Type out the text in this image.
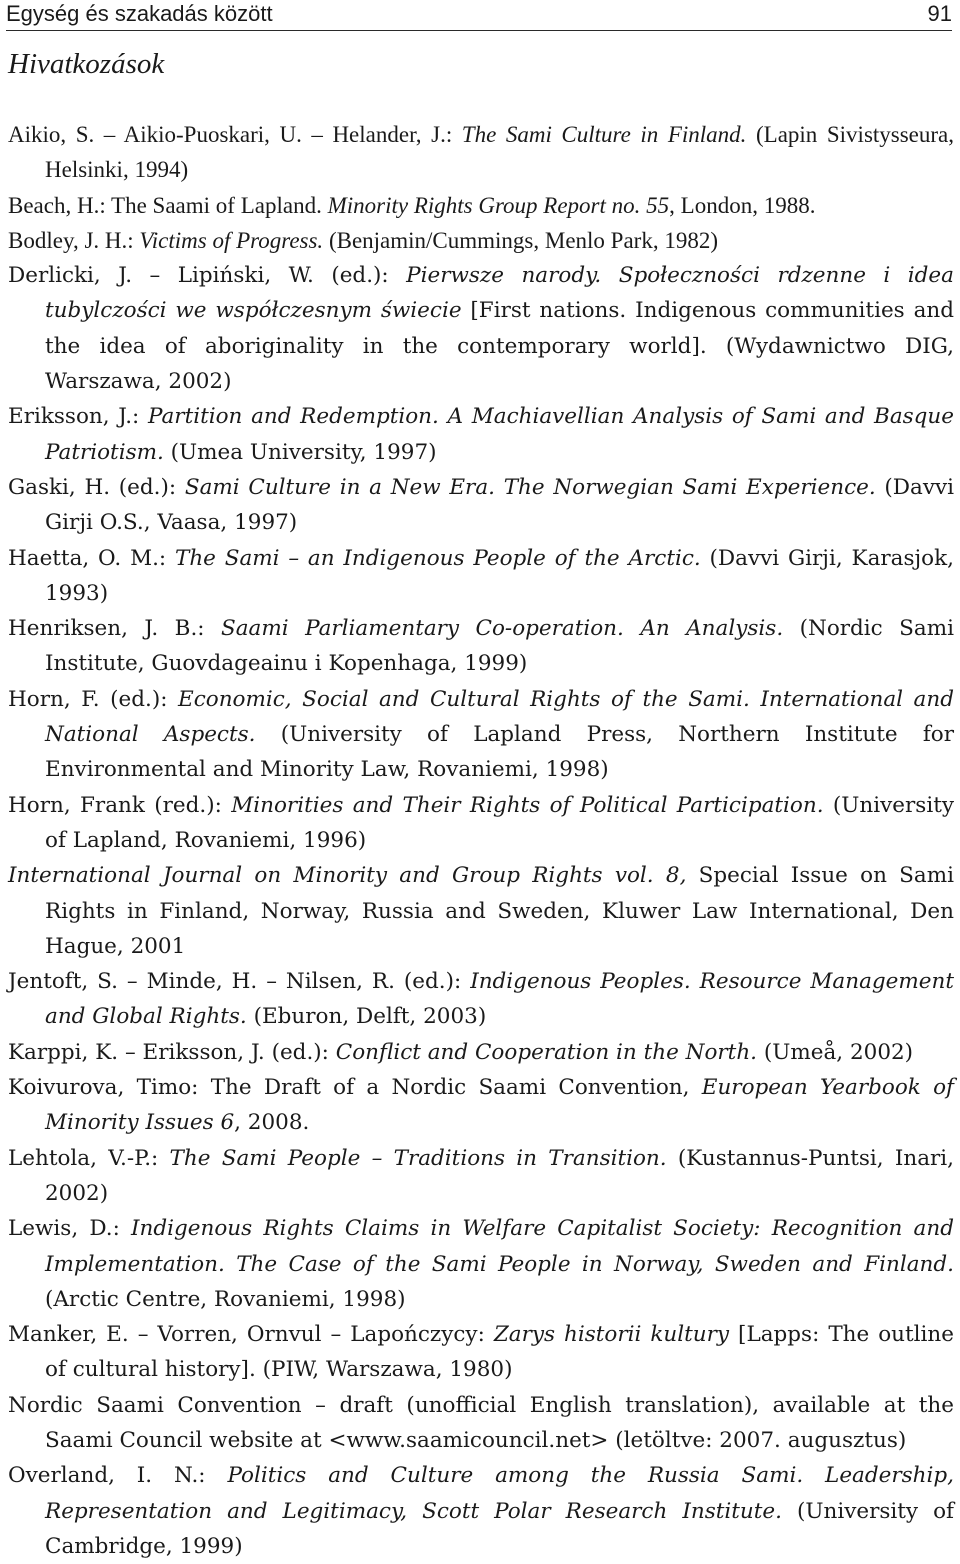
Egység és szakadás között	91
Hivatkozások
Aikio, S. – Aikio-Puoskari, U. – Helander, J.: The Sami Culture in Finland. (Lapin Sivistysseura, Helsinki, 1994)
Beach, H.: The Saami of Lapland. Minority Rights Group Report no. 55, London, 1988.
Bodley, J. H.: Victims of Progress. (Benjamin/Cummings, Menlo Park, 1982)
Derlicki, J. – Lipiński, W. (ed.): Pierwsze narody. Społeczności rdzenne i idea tubylczości we współczesnym świecie [First nations. Indigenous communities and the idea of aboriginality in the contemporary world]. (Wydawnictwo DIG, Warszawa, 2002)
Eriksson, J.: Partition and Redemption. A Machiavellian Analysis of Sami and Basque Patriotism. (Umea University, 1997)
Gaski, H. (ed.): Sami Culture in a New Era. The Norwegian Sami Experience. (Davvi Girji O.S., Vaasa, 1997)
Haetta, O. M.: The Sami – an Indigenous People of the Arctic. (Davvi Girji, Karasjok, 1993)
Henriksen, J. B.: Saami Parliamentary Co-operation. An Analysis. (Nordic Sami Institute, Guovdageainu i Kopenhaga, 1999)
Horn, F. (ed.): Economic, Social and Cultural Rights of the Sami. International and National Aspects. (University of Lapland Press, Northern Institute for Environmental and Minority Law, Rovaniemi, 1998)
Horn, Frank (red.): Minorities and Their Rights of Political Participation. (University of Lapland, Rovaniemi, 1996)
International Journal on Minority and Group Rights vol. 8, Special Issue on Sami Rights in Finland, Norway, Russia and Sweden, Kluwer Law International, Den Hague, 2001
Jentoft, S. – Minde, H. – Nilsen, R. (ed.): Indigenous Peoples. Resource Management and Global Rights. (Eburon, Delft, 2003)
Karppi, K. – Eriksson, J. (ed.): Conflict and Cooperation in the North. (Umeå, 2002)
Koivurova, Timo: The Draft of a Nordic Saami Convention, European Yearbook of Minority Issues 6, 2008.
Lehtola, V.-P.: The Sami People – Traditions in Transition. (Kustannus-Puntsi, Inari, 2002)
Lewis, D.: Indigenous Rights Claims in Welfare Capitalist Society: Recognition and Implementation. The Case of the Sami People in Norway, Sweden and Finland. (Arctic Centre, Rovaniemi, 1998)
Manker, E. – Vorren, Ornvul – Lapończycy: Zarys historii kultury [Lapps: The outline of cultural history]. (PIW, Warszawa, 1980)
Nordic Saami Convention – draft (unofficial English translation), available at the Saami Council website at <www.saamicouncil.net> (letöltve: 2007. augusztus)
Overland, I. N.: Politics and Culture among the Russia Sami. Leadership, Representation and Legitimacy, Scott Polar Research Institute. (University of Cambridge, 1999)
